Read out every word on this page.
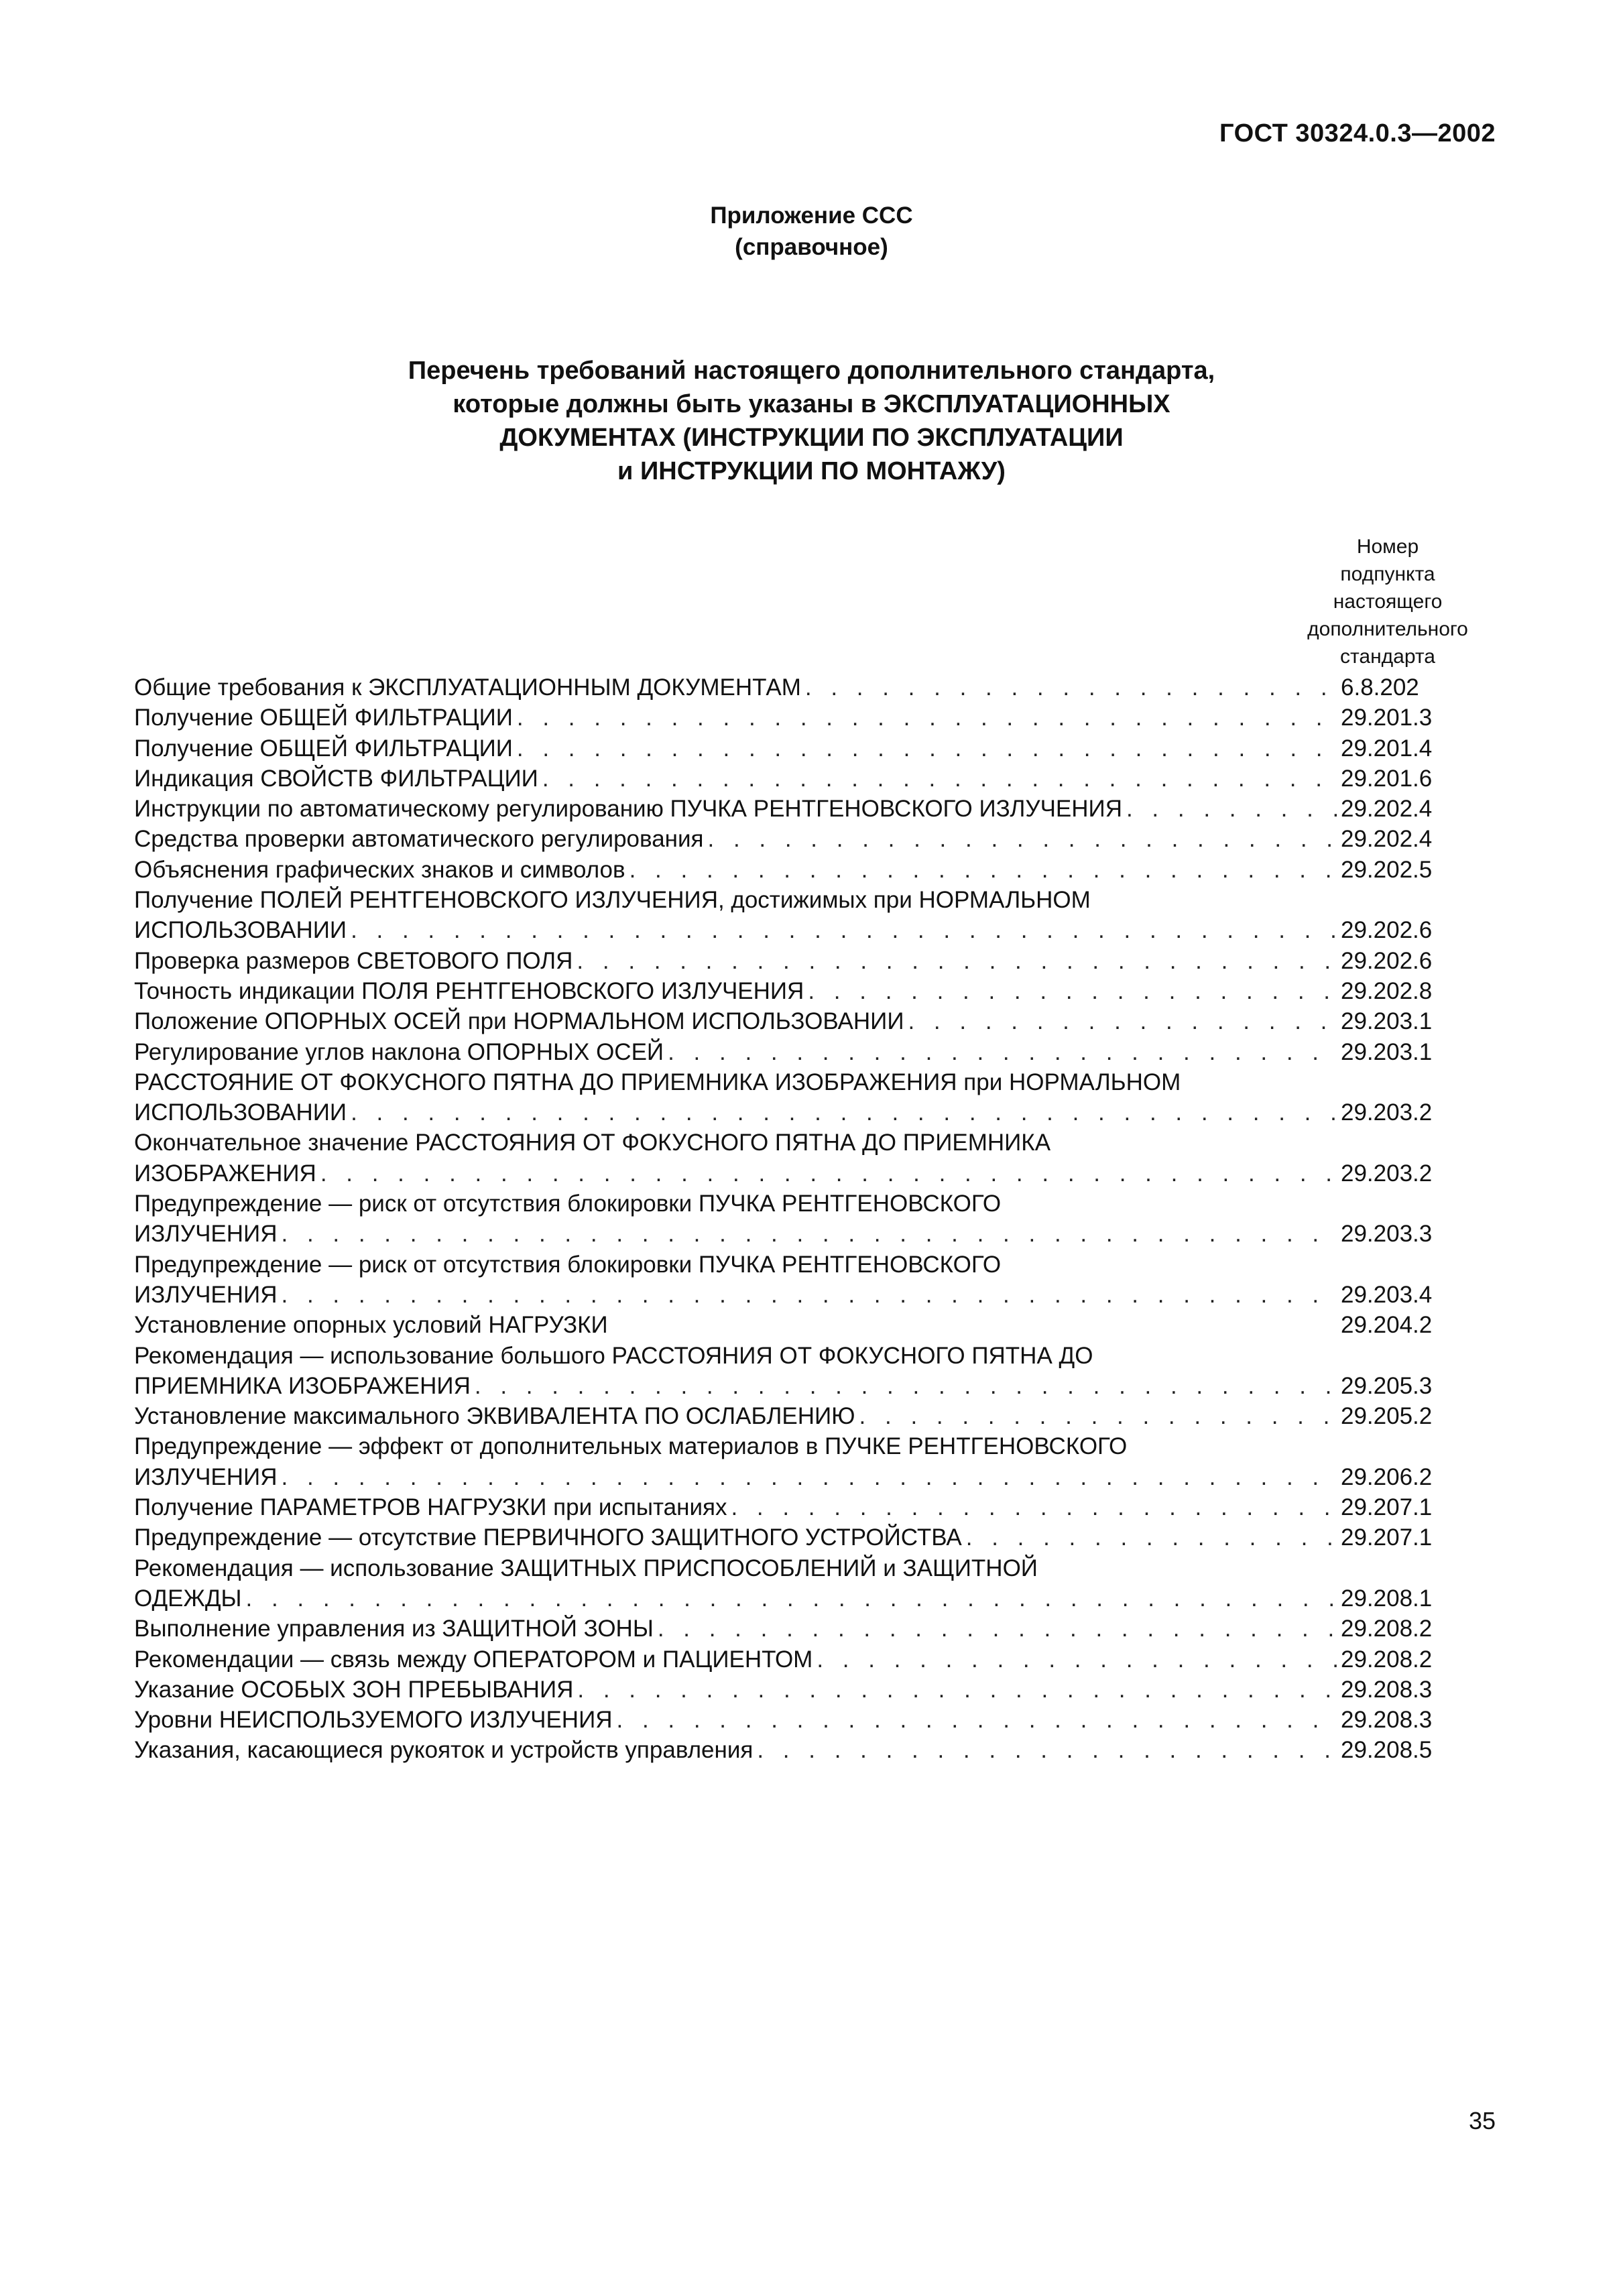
ГОСТ 30324.0.3—2002
Приложение ССС
(справочное)
Перечень требований настоящего дополнительного стандарта,
которые должны быть указаны в ЭКСПЛУАТАЦИОННЫХ
ДОКУМЕНТАХ (ИНСТРУКЦИИ ПО ЭКСПЛУАТАЦИИ
и ИНСТРУКЦИИ ПО МОНТАЖУ)
Номер
подпункта
настоящего
дополнительного
стандарта
Общие требования к ЭКСПЛУАТАЦИОННЫМ ДОКУМЕНТАМ . . .	6.8.202
Получение ОБЩЕЙ ФИЛЬТРАЦИИ . . .	29.201.3
Получение ОБЩЕЙ ФИЛЬТРАЦИИ . . .	29.201.4
Индикация СВОЙСТВ ФИЛЬТРАЦИИ . . .	29.201.6
Инструкции по автоматическому регулированию ПУЧКА РЕНТГЕНОВСКОГО ИЗЛУЧЕНИЯ . . .	29.202.4
Средства проверки автоматического регулирования . . .	29.202.4
Объяснения графических знаков и символов . . .	29.202.5
Получение ПОЛЕЙ РЕНТГЕНОВСКОГО ИЗЛУЧЕНИЯ, достижимых при НОРМАЛЬНОМ
ИСПОЛЬЗОВАНИИ . . .	29.202.6
Проверка размеров СВЕТОВОГО ПОЛЯ . . .	29.202.6
Точность индикации ПОЛЯ РЕНТГЕНОВСКОГО ИЗЛУЧЕНИЯ . . .	29.202.8
Положение ОПОРНЫХ ОСЕЙ при НОРМАЛЬНОМ ИСПОЛЬЗОВАНИИ . . .	29.203.1
Регулирование углов наклона ОПОРНЫХ ОСЕЙ . . .	29.203.1
РАССТОЯНИЕ ОТ ФОКУСНОГО ПЯТНА ДО ПРИЕМНИКА ИЗОБРАЖЕНИЯ при НОРМАЛЬНОМ
ИСПОЛЬЗОВАНИИ . . .	29.203.2
Окончательное значение РАССТОЯНИЯ ОТ ФОКУСНОГО ПЯТНА ДО ПРИЕМНИКА
ИЗОБРАЖЕНИЯ . . .	29.203.2
Предупреждение — риск от отсутствия блокировки ПУЧКА РЕНТГЕНОВСКОГО
ИЗЛУЧЕНИЯ . . .	29.203.3
Предупреждение — риск от отсутствия блокировки ПУЧКА РЕНТГЕНОВСКОГО
ИЗЛУЧЕНИЯ . . .	29.203.4
Установление опорных условий НАГРУЗКИ	29.204.2
Рекомендация — использование большого РАССТОЯНИЯ ОТ ФОКУСНОГО ПЯТНА ДО
ПРИЕМНИКА ИЗОБРАЖЕНИЯ . . .	29.205.3
Установление максимального ЭКВИВАЛЕНТА ПО ОСЛАБЛЕНИЮ . . .	29.205.2
Предупреждение — эффект от дополнительных материалов в ПУЧКЕ РЕНТГЕНОВСКОГО
ИЗЛУЧЕНИЯ . . .	29.206.2
Получение ПАРАМЕТРОВ НАГРУЗКИ при испытаниях . . .	29.207.1
Предупреждение — отсутствие ПЕРВИЧНОГО ЗАЩИТНОГО УСТРОЙСТВА . . .	29.207.1
Рекомендация — использование ЗАЩИТНЫХ ПРИСПОСОБЛЕНИЙ и ЗАЩИТНОЙ
ОДЕЖДЫ . . .	29.208.1
Выполнение управления из ЗАЩИТНОЙ ЗОНЫ . . .	29.208.2
Рекомендации — связь между ОПЕРАТОРОМ и ПАЦИЕНТОМ . . .	29.208.2
Указание ОСОБЫХ ЗОН ПРЕБЫВАНИЯ . . .	29.208.3
Уровни НЕИСПОЛЬЗУЕМОГО ИЗЛУЧЕНИЯ . . .	29.208.3
Указания, касающиеся рукояток и устройств управления . . .	29.208.5
35
